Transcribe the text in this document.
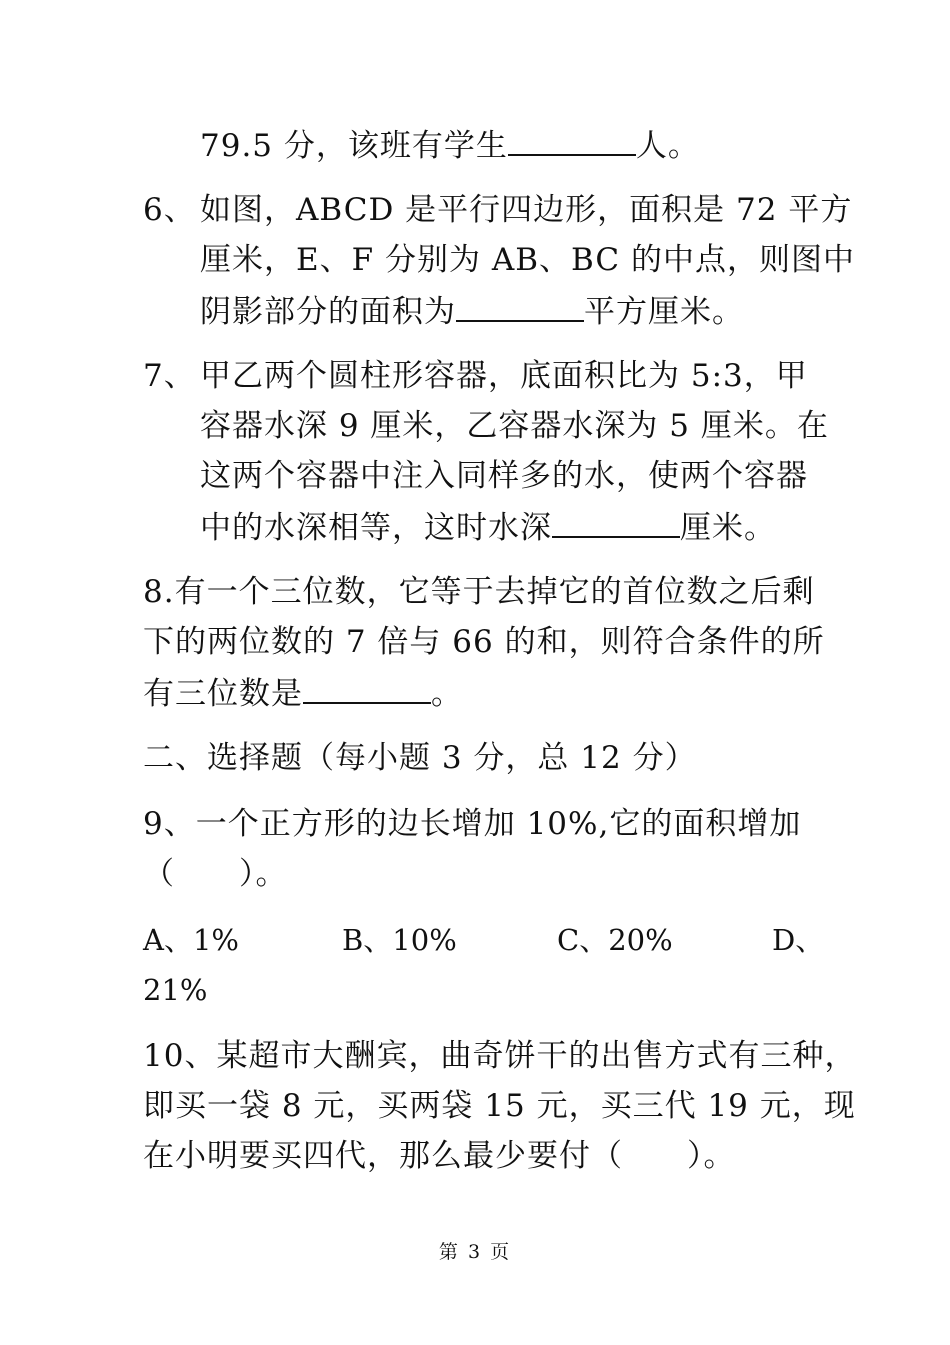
79.5 分，该班有学生	人。
6、 如图，ABCD 是平行四边形，面积是 72 平方
厘米，E、F 分别为 AB、BC 的中点，则图中
阴影部分的面积为	平方厘米。
7、 甲乙两个圆柱形容器，底面积比为 5:3，甲
容器水深 9 厘米，乙容器水深为 5 厘米。在
这两个容器中注入同样多的水，使两个容器
中的水深相等，这时水深	厘米。
8.有一个三位数，它等于去掉它的首位数之后剩
下的两位数的 7 倍与 66 的和，则符合条件的所
有三位数是	。
二、选择题（每小题 3 分，总 12 分）
9、一个正方形的边长增加 10%,它的面积增加
（　　）。
A、1%	B、10%	C、20%	D、
21%
10、某超市大酬宾，曲奇饼干的出售方式有三种，
即买一袋 8 元，买两袋 15 元，买三代 19 元，现
在小明要买四代，那么最少要付（　　）。
第 3 页
